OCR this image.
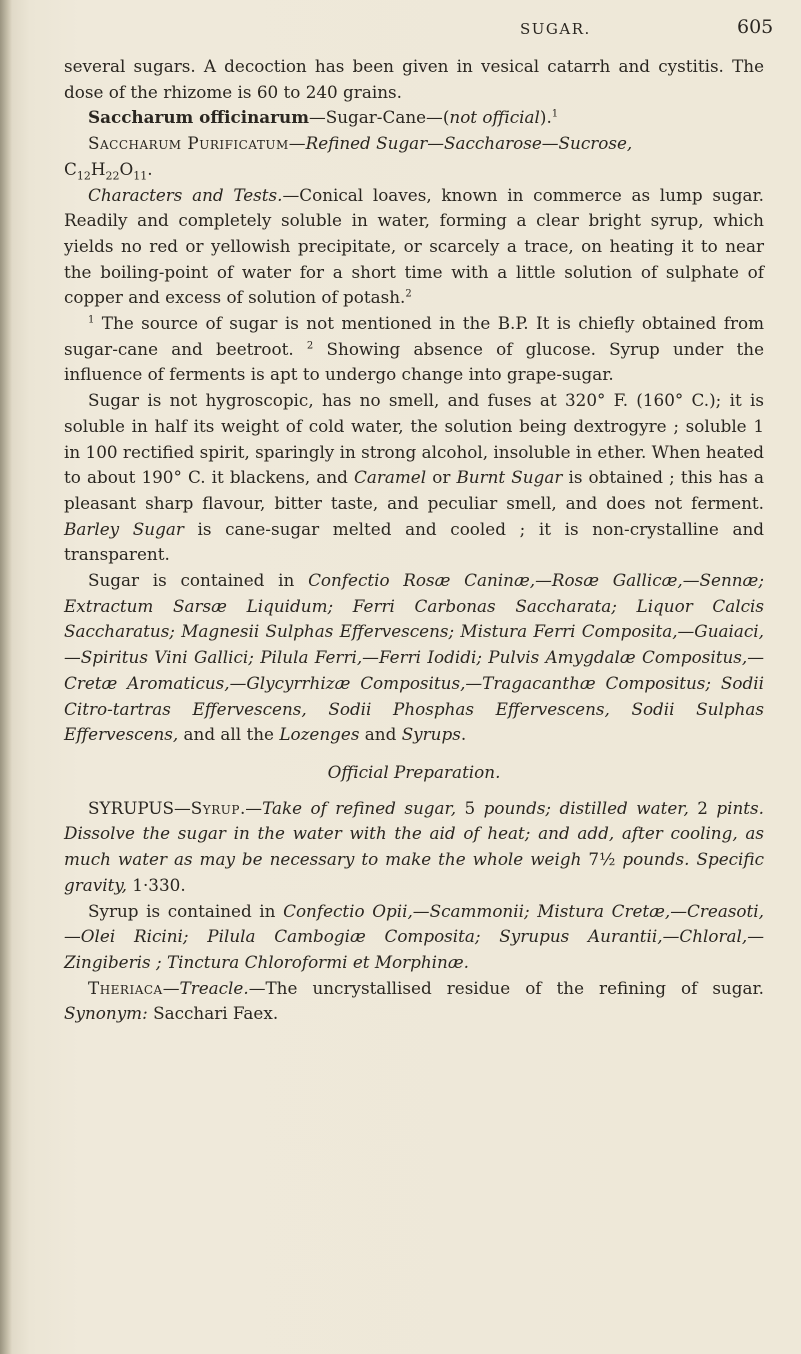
SUGAR.	605

several sugars. A decoction has been given in vesical catarrh and cystitis. The dose of the rhizome is 60 to 240 grains.

Saccharum officinarum—Sugar-Cane—(not official).$^1$

Saccharum Purificatum—Refined Sugar—Saccharose—Sucrose,
$C_{12}H_{22}O_{11}$.

Characters and Tests.—Conical loaves, known in commerce as lump sugar. Readily and completely soluble in water, forming a clear bright syrup, which yields no red or yellowish precipitate, or scarcely a trace, on heating it to near the boiling-point of water for a short time with a little solution of sulphate of copper and excess of solution of potash.$^2$

$^1$ The source of sugar is not mentioned in the B.P. It is chiefly obtained from sugar-cane and beetroot. $^2$ Showing absence of glucose. Syrup under the influence of ferments is apt to undergo change into grape-sugar.

Sugar is not hygroscopic, has no smell, and fuses at 320° F. (160° C.); it is soluble in half its weight of cold water, the solution being dextrogyre ; soluble 1 in 100 rectified spirit, sparingly in strong alcohol, insoluble in ether. When heated to about 190° C. it blackens, and Caramel or Burnt Sugar is obtained ; this has a pleasant sharp flavour, bitter taste, and peculiar smell, and does not ferment. Barley Sugar is cane-sugar melted and cooled ; it is non-crystalline and transparent.

Sugar is contained in Confectio Rosæ Caninæ,—Rosæ Gallicæ,—Sennæ; Extractum Sarsæ Liquidum; Ferri Carbonas Saccharata; Liquor Calcis Saccharatus; Magnesii Sulphas Effervescens; Mistura Ferri Composita,—Guaiaci,—Spiritus Vini Gallici; Pilula Ferri,—Ferri Iodidi; Pulvis Amygdalæ Compositus,—Cretæ Aromaticus,—Glycyrrhizæ Compositus,—Tragacanthæ Compositus; Sodii Citro-tartras Effervescens, Sodii Phosphas Effervescens, Sodii Sulphas Effervescens, and all the Lozenges and Syrups.

Official Preparation.

SYRUPUS—Syrup.—Take of refined sugar, 5 pounds; distilled water, 2 pints. Dissolve the sugar in the water with the aid of heat; and add, after cooling, as much water as may be necessary to make the whole weigh 7½ pounds. Specific gravity, 1·330.

Syrup is contained in Confectio Opii,—Scammonii; Mistura Cretæ,—Creasoti,—Olei Ricini; Pilula Cambogiæ Composita; Syrupus Aurantii,—Chloral,—Zingiberis ; Tinctura Chloroformi et Morphinæ.

Theriaca—Treacle.—The uncrystallised residue of the refining of sugar. Synonym: Sacchari Faex.
